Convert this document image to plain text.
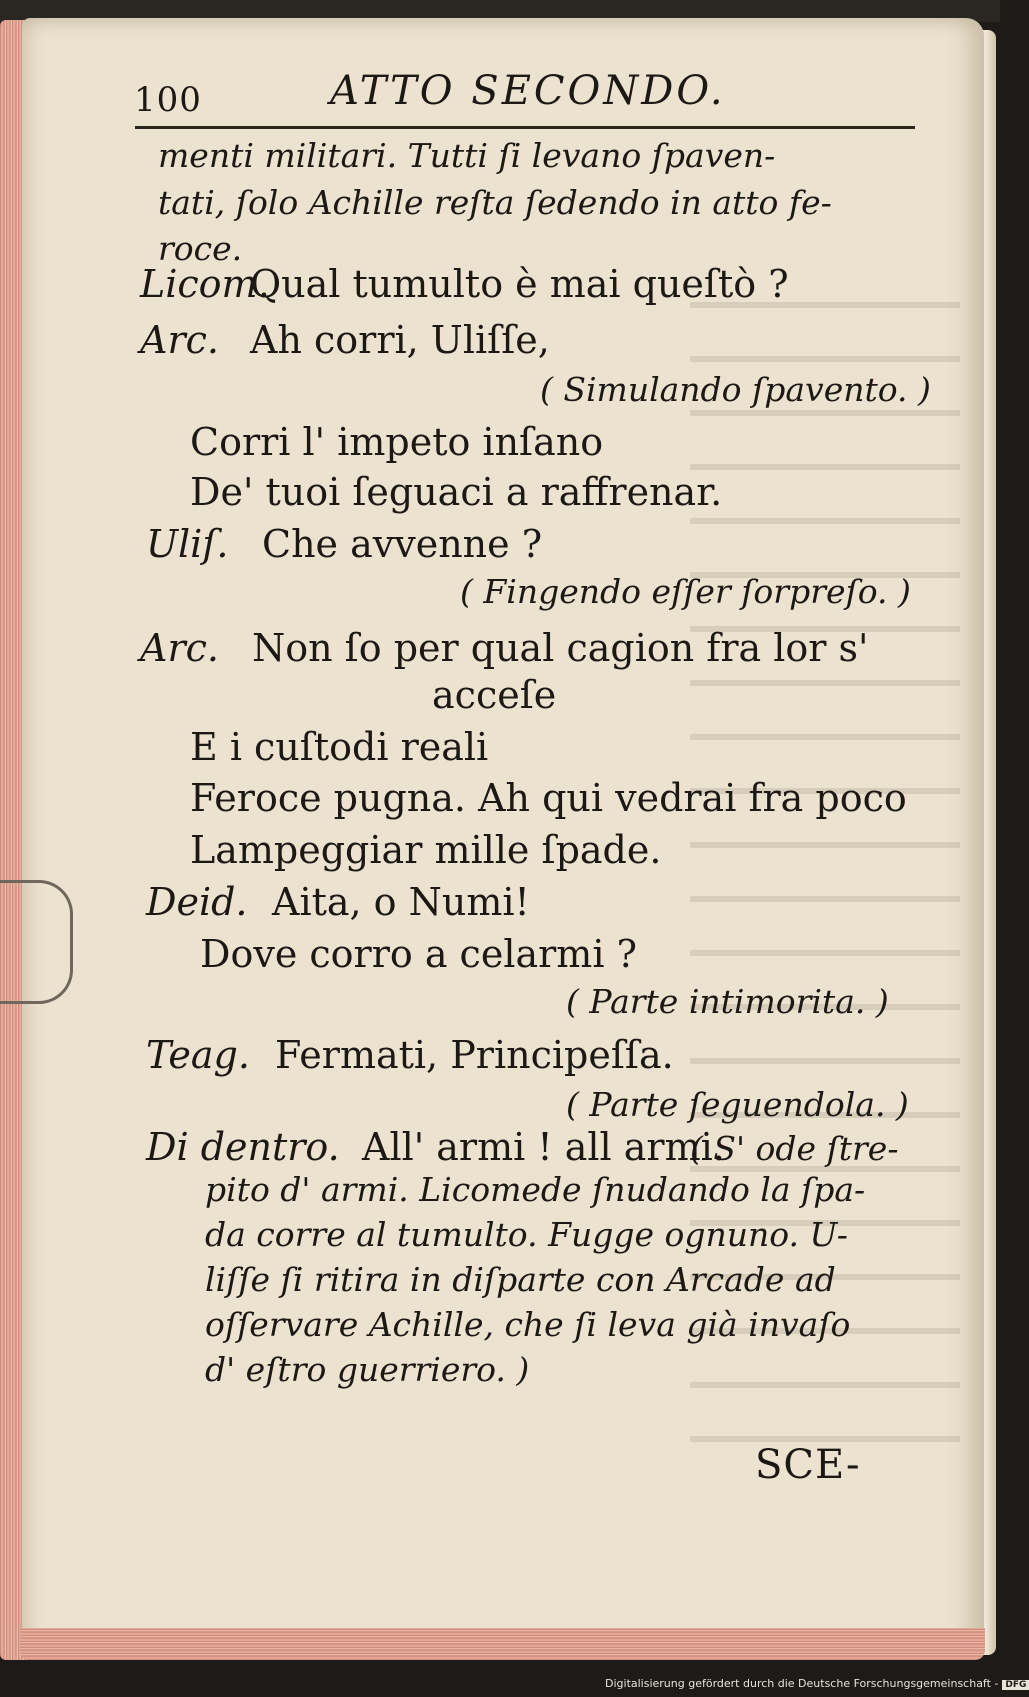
100	ATTO SECONDO.
menti militari. Tutti ſi levano ſpaven-
tati, ſolo Achille reſta ſedendo in atto fe-
roce.
Licom.
Qual tumulto è mai queſtò ?
Arc. Ah corri, Uliſſe,
( Simulando ſpavento. )
Corri l' impeto inſano
De' tuoi ſeguaci a raffrenar.
Uliſ. Che avvenne ?
( Fingendo eſſer ſorpreſo. )
Arc. Non ſo per qual cagion fra lor s'
acceſe
E i cuſtodi reali
Feroce pugna. Ah qui vedrai fra poco
Lampeggiar mille ſpade.
Deid. Aita, o Numi!
Dove corro a celarmi ?
( Parte intimorita. )
Teag. Fermati, Principeſſa.
( Parte ſeguendola. )
Di dentro. All' armi ! all armi.
( S' ode ſtre-
pito d' armi. Licomede ſnudando la ſpa-
da corre al tumulto. Fugge ognuno. U-
liſſe ſi ritira in diſparte con Arcade ad
oſſervare Achille, che ſi leva già invaſo
d' eſtro guerriero. )
SCE-
Digitalisierung gefördert durch die Deutsche Forschungsgemeinschaft - DFG
